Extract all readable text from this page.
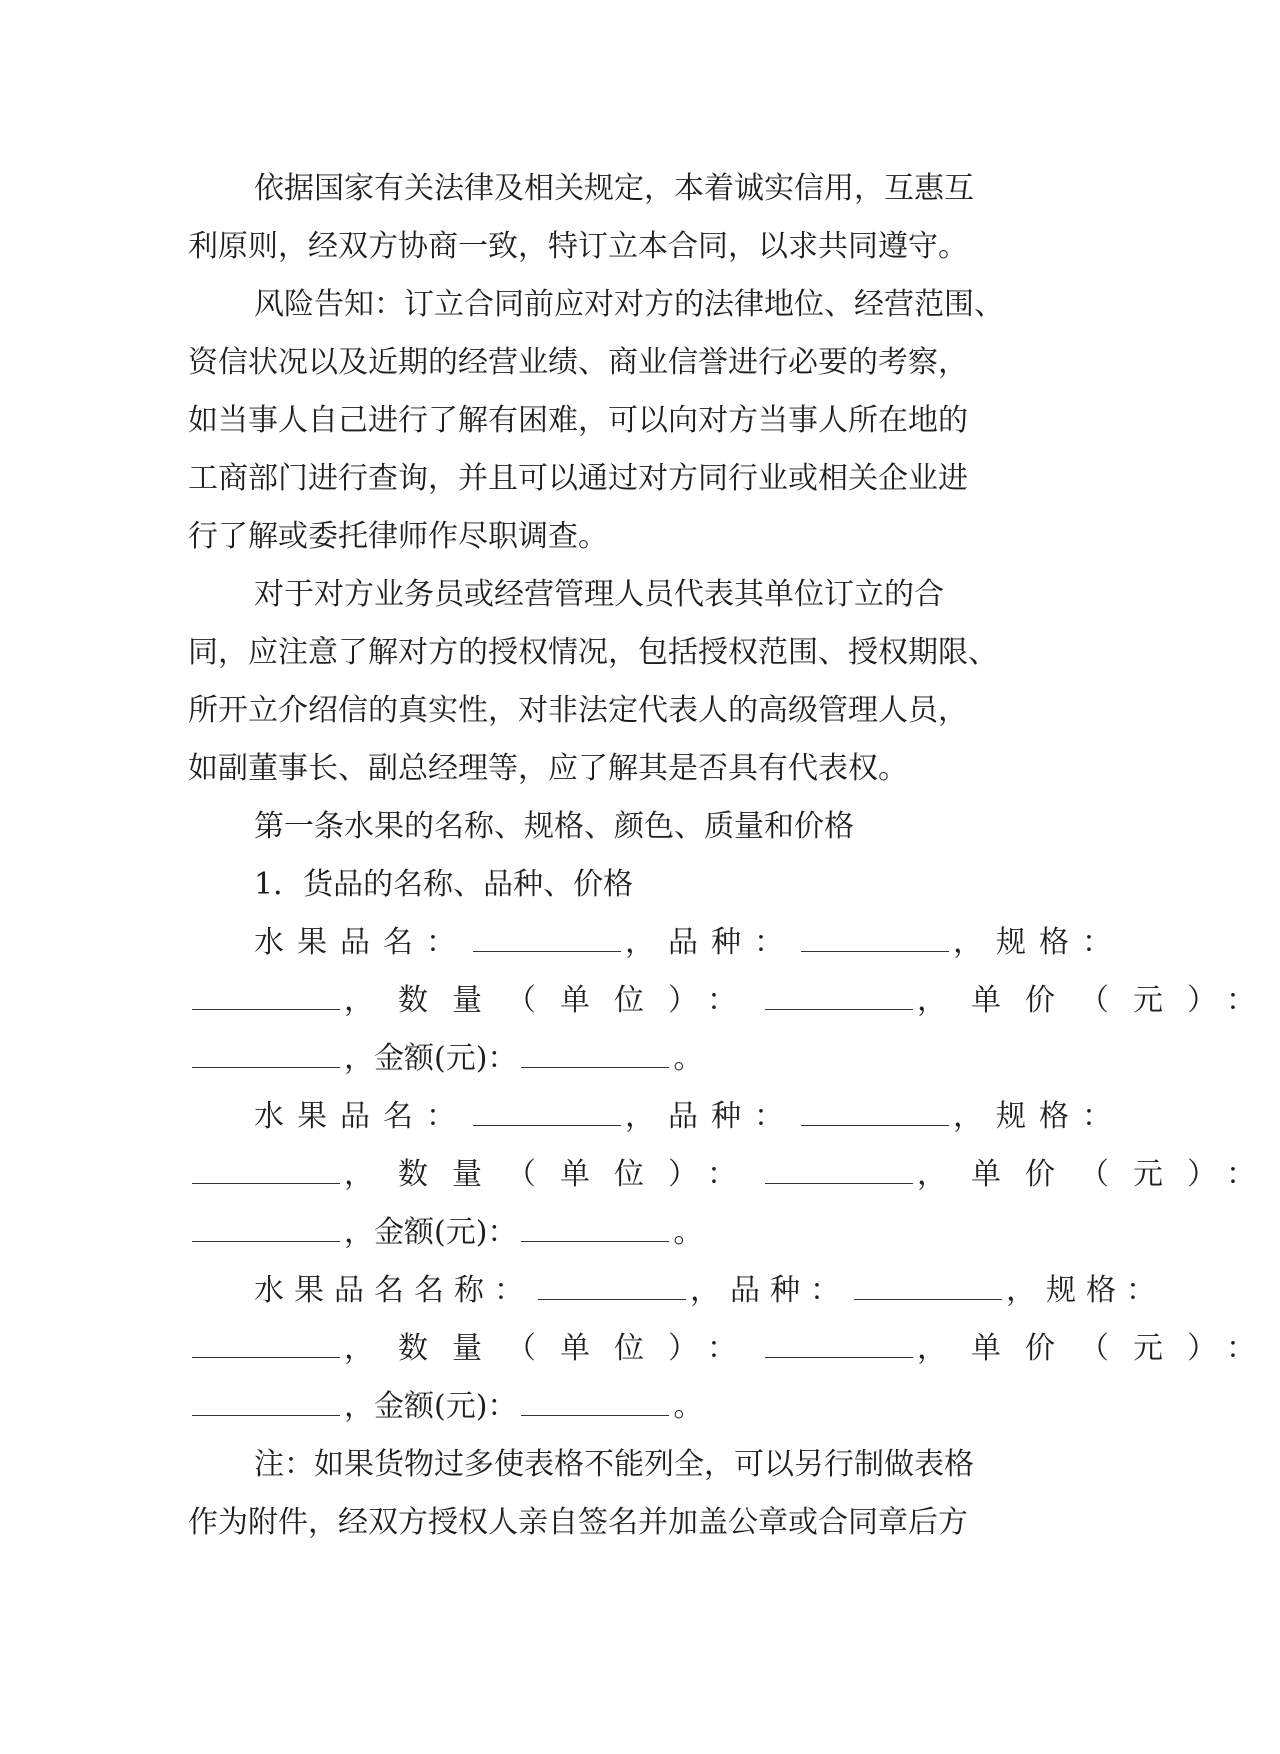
依据国家有关法律及相关规定，本着诚实信用，互惠互
利原则，经双方协商一致，特订立本合同，以求共同遵守。
风险告知：订立合同前应对对方的法律地位、经营范围、
资信状况以及近期的经营业绩、商业信誉进行必要的考察，
如当事人自己进行了解有困难，可以向对方当事人所在地的
工商部门进行查询，并且可以通过对方同行业或相关企业进
行了解或委托律师作尽职调查。
对于对方业务员或经营管理人员代表其单位订立的合
同，应注意了解对方的授权情况，包括授权范围、授权期限、
所开立介绍信的真实性，对非法定代表人的高级管理人员，
如副董事长、副总经理等，应了解其是否具有代表权。
第一条水果的名称、规格、颜色、质量和价格
1．货品的名称、品种、价格
水果品名：	，品种：	，规格：
，数量（单位）：	，单价（元）：
，金额(元)：	。
水果品名：	，品种：	，规格：
，数量（单位）：	，单价（元）：
，金额(元)：	。
水果品名名称：	，品种：	，规格：
，数量（单位）：	，单价（元）：
，金额(元)：	。
注：如果货物过多使表格不能列全，可以另行制做表格
作为附件，经双方授权人亲自签名并加盖公章或合同章后方
